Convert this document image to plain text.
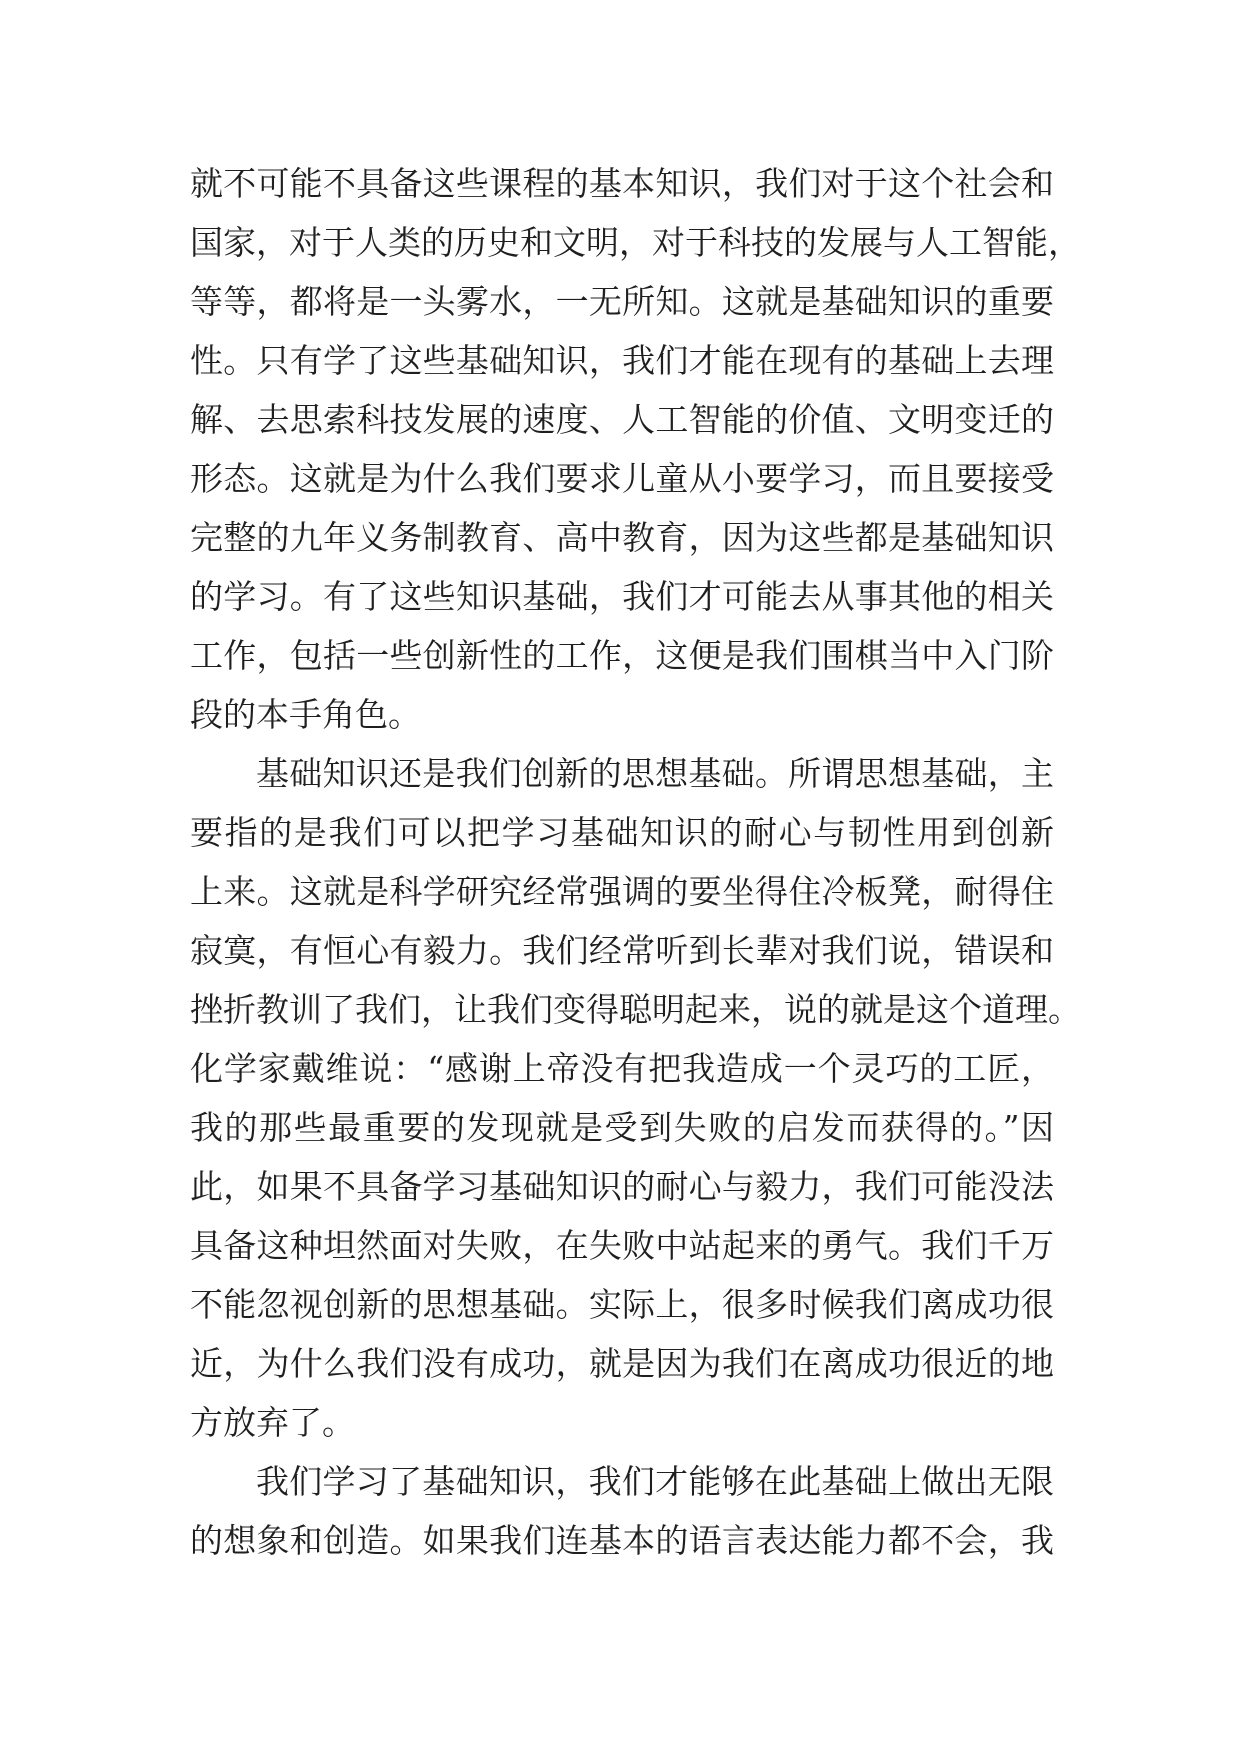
就不可能不具备这些课程的基本知识，我们对于这个社会和
国家，对于人类的历史和文明，对于科技的发展与人工智能，
等等，都将是一头雾水，一无所知。这就是基础知识的重要
性。只有学了这些基础知识，我们才能在现有的基础上去理
解、去思索科技发展的速度、人工智能的价值、文明变迁的
形态。这就是为什么我们要求儿童从小要学习，而且要接受
完整的九年义务制教育、高中教育，因为这些都是基础知识
的学习。有了这些知识基础，我们才可能去从事其他的相关
工作，包括一些创新性的工作，这便是我们围棋当中入门阶
段的本手角色。
基础知识还是我们创新的思想基础。所谓思想基础，主
要指的是我们可以把学习基础知识的耐心与韧性用到创新
上来。这就是科学研究经常强调的要坐得住冷板凳，耐得住
寂寞，有恒心有毅力。我们经常听到长辈对我们说，错误和
挫折教训了我们，让我们变得聪明起来，说的就是这个道理。
化学家戴维说：“感谢上帝没有把我造成一个灵巧的工匠，
我的那些最重要的发现就是受到失败的启发而获得的。”因
此，如果不具备学习基础知识的耐心与毅力，我们可能没法
具备这种坦然面对失败，在失败中站起来的勇气。我们千万
不能忽视创新的思想基础。实际上，很多时候我们离成功很
近，为什么我们没有成功，就是因为我们在离成功很近的地
方放弃了。
我们学习了基础知识，我们才能够在此基础上做出无限
的想象和创造。如果我们连基本的语言表达能力都不会，我
